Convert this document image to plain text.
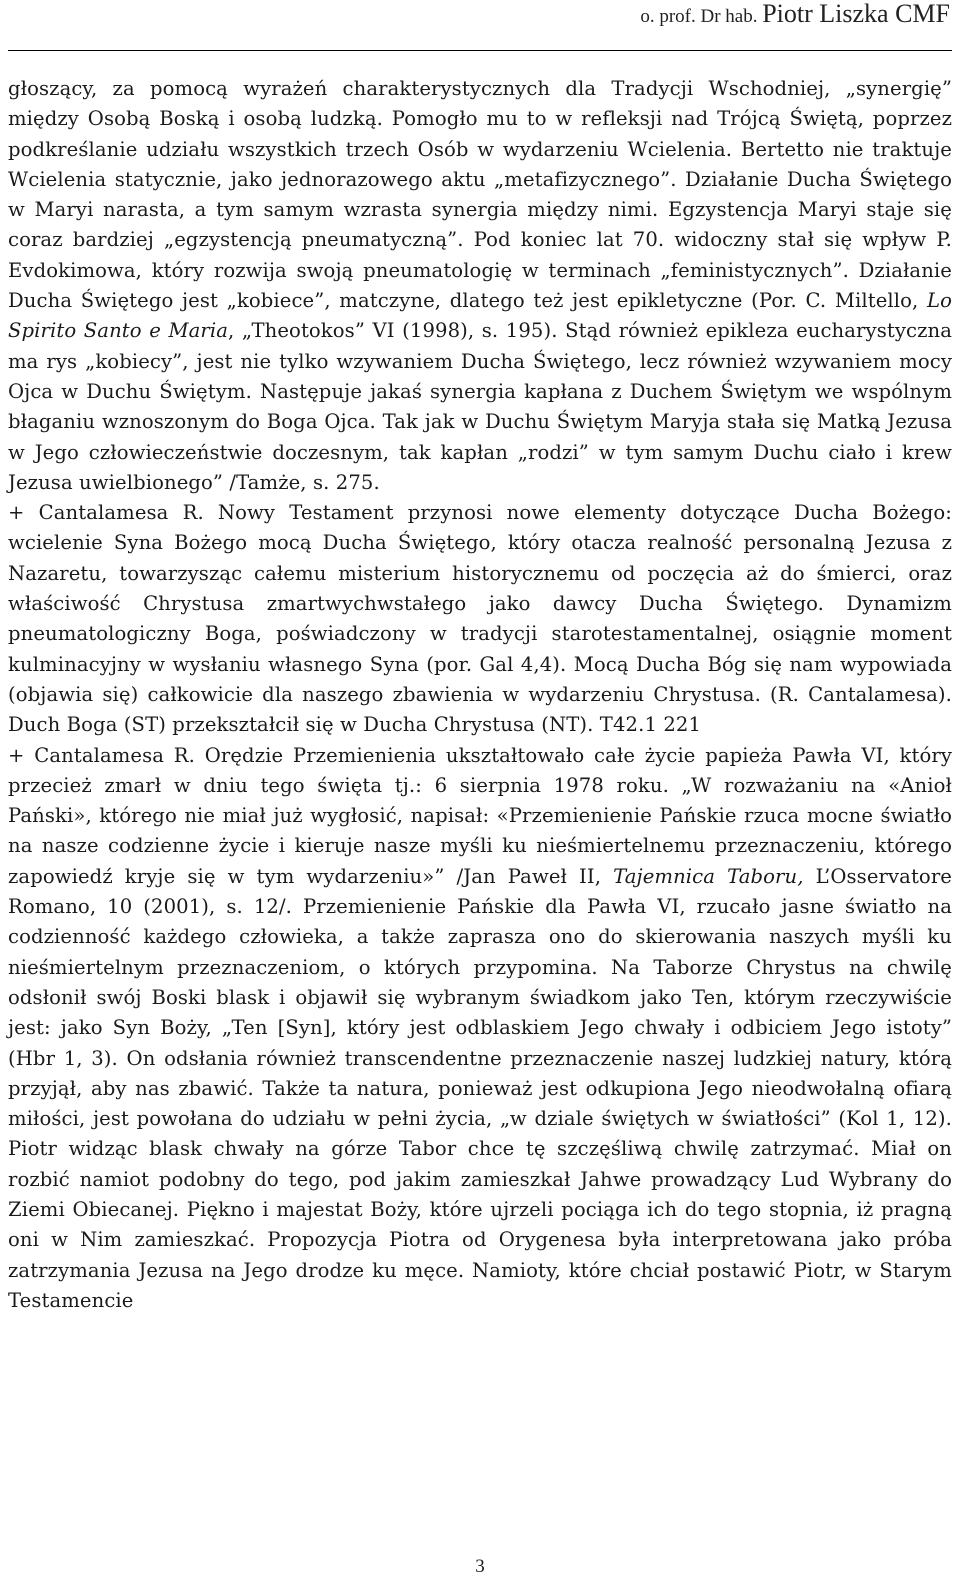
o. prof. Dr hab. Piotr Liszka CMF

głoszący, za pomocą wyrażeń charakterystycznych dla Tradycji Wschodniej, „synergię” między Osobą Boską i osobą ludzką. Pomogło mu to w refleksji nad Trójcą Świętą, poprzez podkreślanie udziału wszystkich trzech Osób w wydarzeniu Wcielenia. Bertetto nie traktuje Wcielenia statycznie, jako jednorazowego aktu „metafizycznego”. Działanie Ducha Świętego w Maryi narasta, a tym samym wzrasta synergia między nimi. Egzystencja Maryi staje się coraz bardziej „egzystencją pneumatyczną”. Pod koniec lat 70. widoczny stał się wpływ P. Evdokimowa, który rozwija swoją pneumatologię w terminach „feministycznych”. Działanie Ducha Świętego jest „kobiece”, matczyne, dlatego też jest epikletyczne (Por. C. Miltello, Lo Spirito Santo e Maria, „Theotokos” VI (1998), s. 195). Stąd również epikleza eucharystyczna ma rys „kobiecy”, jest nie tylko wzywaniem Ducha Świętego, lecz również wzywaniem mocy Ojca w Duchu Świętym. Następuje jakaś synergia kapłana z Duchem Świętym we wspólnym błaganiu wznoszonym do Boga Ojca. Tak jak w Duchu Świętym Maryja stała się Matką Jezusa w Jego człowieczeństwie doczesnym, tak kapłan „rodzi” w tym samym Duchu ciało i krew Jezusa uwielbionego” /Tamże, s. 275.

+ Cantalamesa R. Nowy Testament przynosi nowe elementy dotyczące Ducha Bożego: wcielenie Syna Bożego mocą Ducha Świętego, który otacza realność personalną Jezusa z Nazaretu, towarzysząc całemu misterium historycznemu od poczęcia aż do śmierci, oraz właściwość Chrystusa zmartwychwstałego jako dawcy Ducha Świętego. Dynamizm pneumatologiczny Boga, poświadczony w tradycji starotestamentalnej, osiągnie moment kulminacyjny w wysłaniu własnego Syna (por. Gal 4,4). Mocą Ducha Bóg się nam wypowiada (objawia się) całkowicie dla naszego zbawienia w wydarzeniu Chrystusa. (R. Cantalamesa). Duch Boga (ST) przekształcił się w Ducha Chrystusa (NT). T42.1 221

+ Cantalamesa R. Orędzie Przemienienia ukształtowało całe życie papieża Pawła VI, który przecież zmarł w dniu tego święta tj.: 6 sierpnia 1978 roku. „W rozważaniu na «Anioł Pański», którego nie miał już wygłosić, napisał: «Przemienienie Pańskie rzuca mocne światło na nasze codzienne życie i kieruje nasze myśli ku nieśmiertelnemu przeznaczeniu, którego zapowiedź kryje się w tym wydarzeniu»” /Jan Paweł II, Tajemnica Taboru, L’Osservatore Romano, 10 (2001), s. 12/. Przemienienie Pańskie dla Pawła VI, rzucało jasne światło na codzienność każdego człowieka, a także zaprasza ono do skierowania naszych myśli ku nieśmiertelnym przeznaczeniom, o których przypomina. Na Taborze Chrystus na chwilę odsłonił swój Boski blask i objawił się wybranym świadkom jako Ten, którym rzeczywiście jest: jako Syn Boży, „Ten [Syn], który jest odblaskiem Jego chwały i odbiciem Jego istoty” (Hbr 1, 3). On odsłania również transcendentne przeznaczenie naszej ludzkiej natury, którą przyjął, aby nas zbawić. Także ta natura, ponieważ jest odkupiona Jego nieodwołalną ofiarą miłości, jest powołana do udziału w pełni życia, „w dziale świętych w światłości” (Kol 1, 12). Piotr widząc blask chwały na górze Tabor chce tę szczęśliwą chwilę zatrzymać. Miał on rozbić namiot podobny do tego, pod jakim zamieszkał Jahwe prowadzący Lud Wybrany do Ziemi Obiecanej. Piękno i majestat Boży, które ujrzeli pociąga ich do tego stopnia, iż pragną oni w Nim zamieszkać. Propozycja Piotra od Orygenesa była interpretowana jako próba zatrzymania Jezusa na Jego drodze ku męce. Namioty, które chciał postawić Piotr, w Starym Testamencie

3
